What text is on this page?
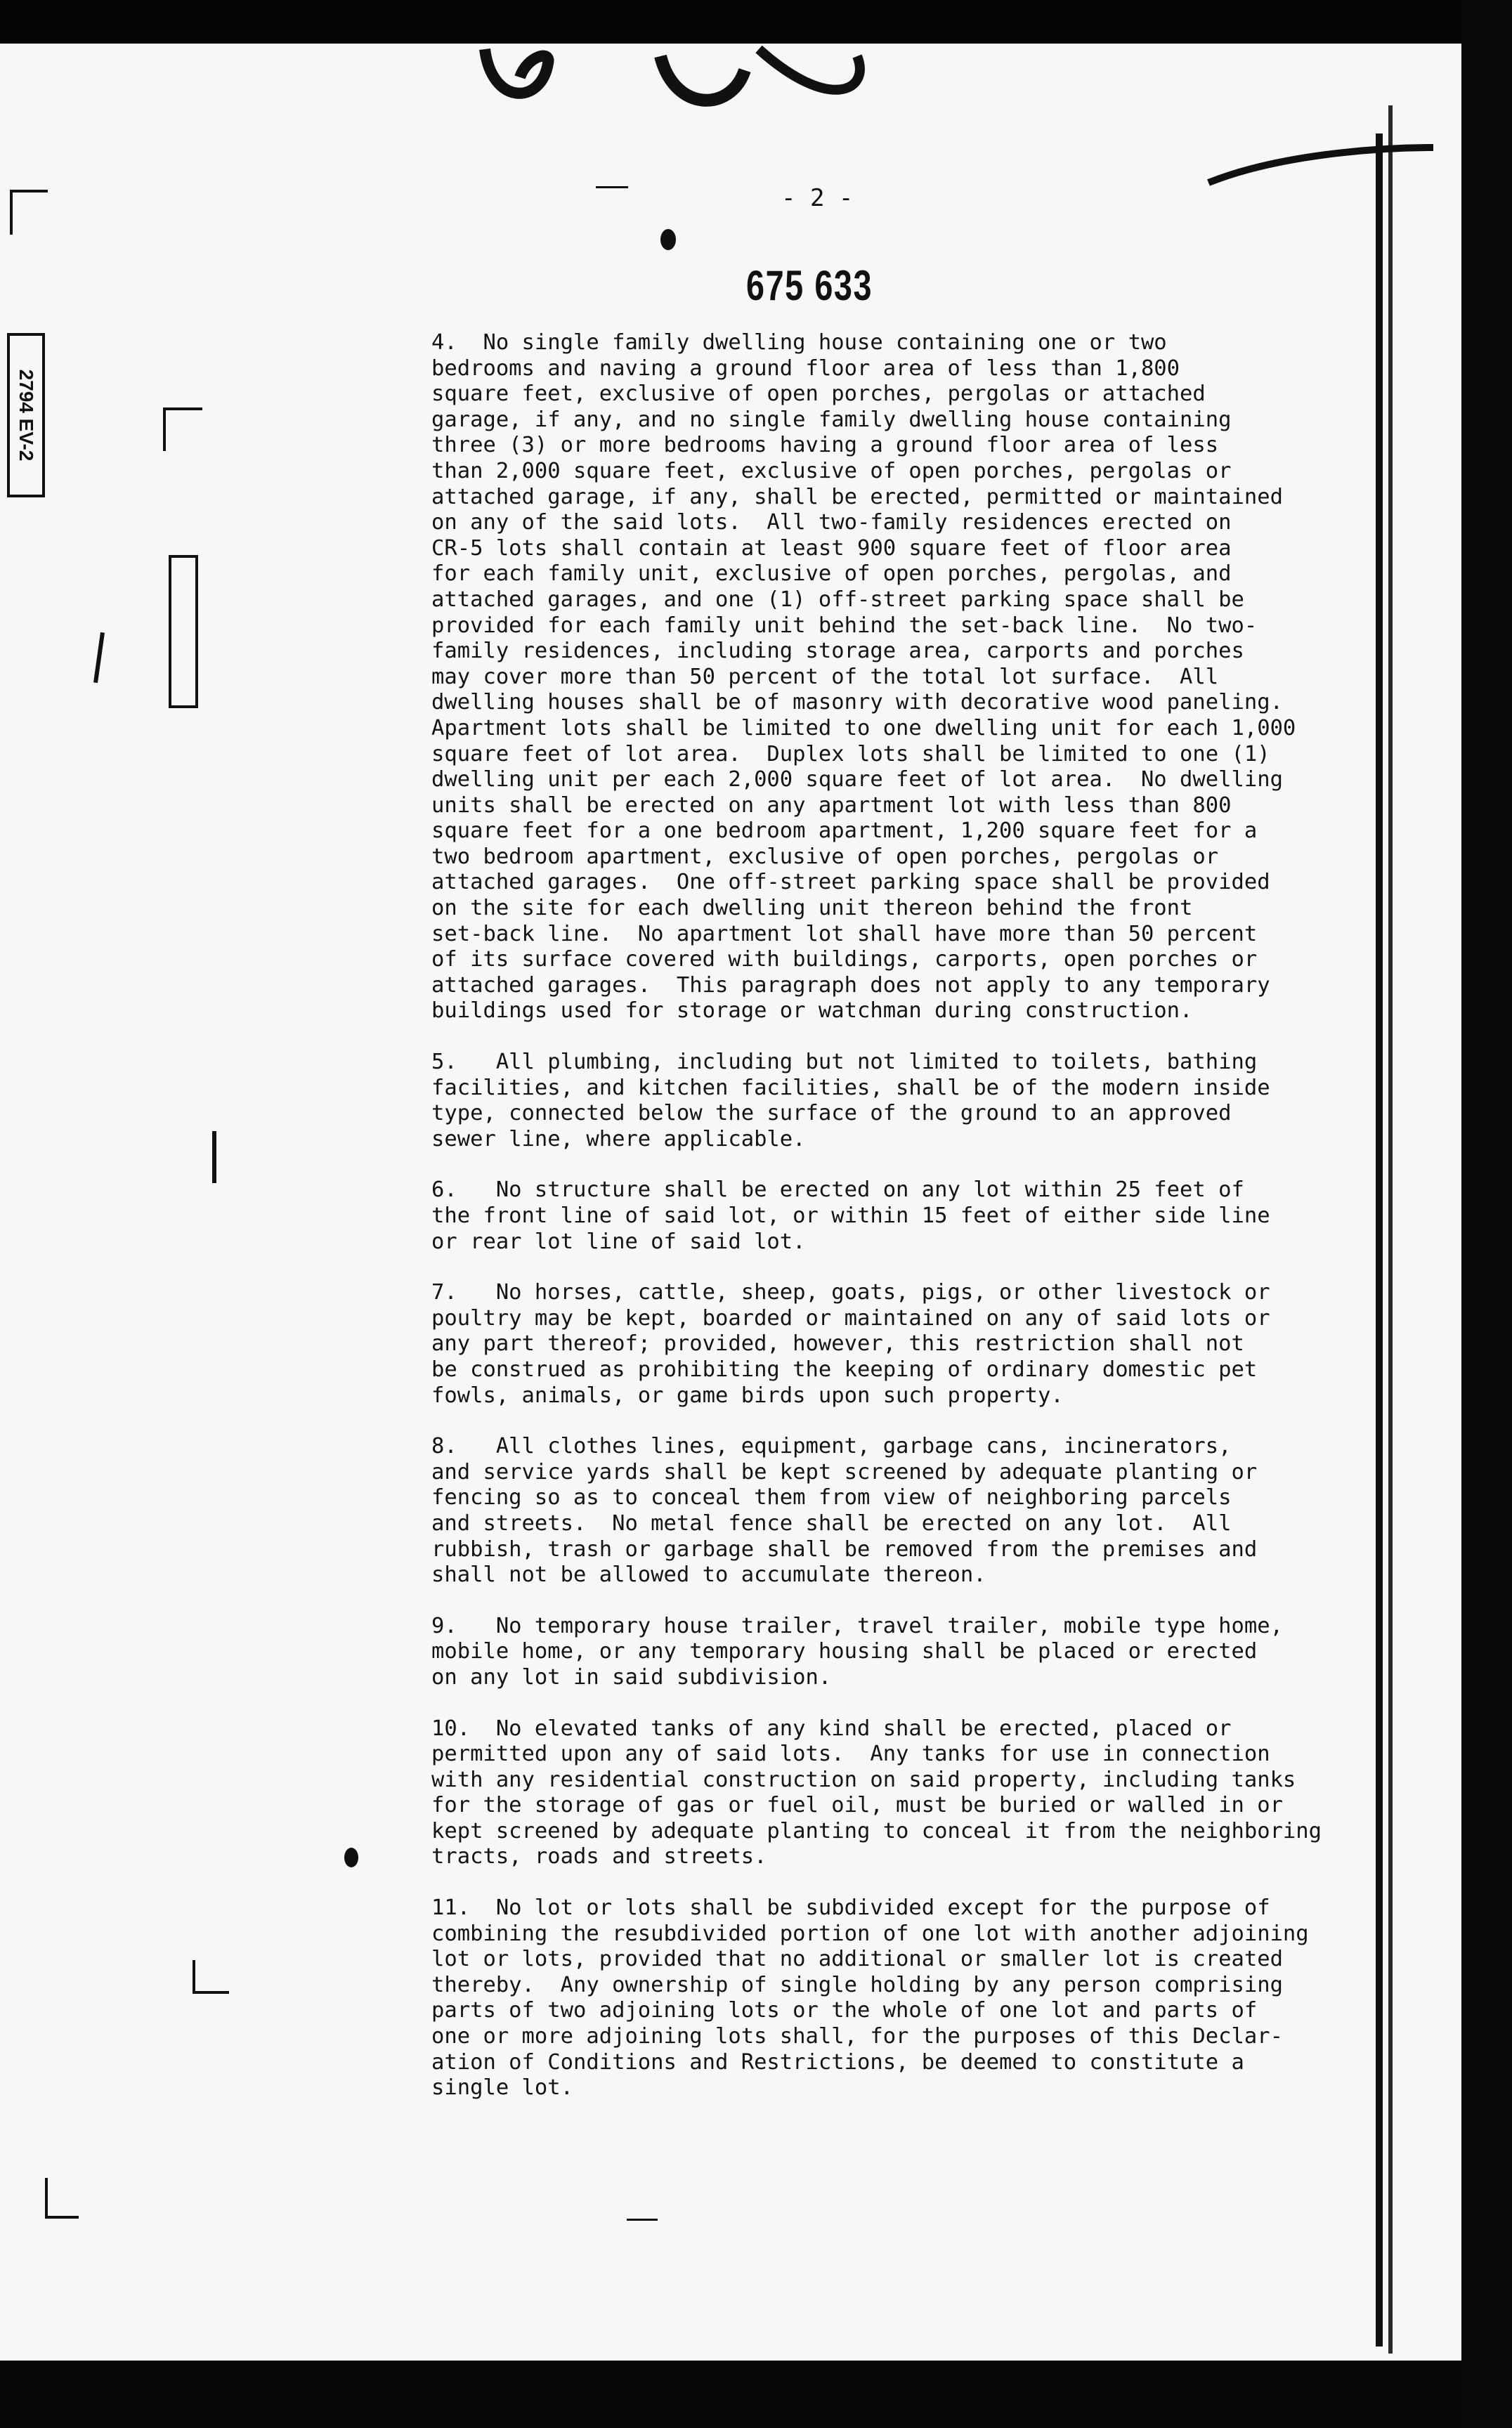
2794 EV-2
- 2 -
675 633
4.  No single family dwelling house containing one or two
bedrooms and naving a ground floor area of less than 1,800
square feet, exclusive of open porches, pergolas or attached
garage, if any, and no single family dwelling house containing
three (3) or more bedrooms having a ground floor area of less
than 2,000 square feet, exclusive of open porches, pergolas or
attached garage, if any, shall be erected, permitted or maintained
on any of the said lots.  All two-family residences erected on
CR-5 lots shall contain at least 900 square feet of floor area
for each family unit, exclusive of open porches, pergolas, and
attached garages, and one (1) off-street parking space shall be
provided for each family unit behind the set-back line.  No two-
family residences, including storage area, carports and porches
may cover more than 50 percent of the total lot surface.  All
dwelling houses shall be of masonry with decorative wood paneling.
Apartment lots shall be limited to one dwelling unit for each 1,000
square feet of lot area.  Duplex lots shall be limited to one (1)
dwelling unit per each 2,000 square feet of lot area.  No dwelling
units shall be erected on any apartment lot with less than 800
square feet for a one bedroom apartment, 1,200 square feet for a
two bedroom apartment, exclusive of open porches, pergolas or
attached garages.  One off-street parking space shall be provided
on the site for each dwelling unit thereon behind the front
set-back line.  No apartment lot shall have more than 50 percent
of its surface covered with buildings, carports, open porches or
attached garages.  This paragraph does not apply to any temporary
buildings used for storage or watchman during construction.
5.   All plumbing, including but not limited to toilets, bathing
facilities, and kitchen facilities, shall be of the modern inside
type, connected below the surface of the ground to an approved
sewer line, where applicable.
6.   No structure shall be erected on any lot within 25 feet of
the front line of said lot, or within 15 feet of either side line
or rear lot line of said lot.
7.   No horses, cattle, sheep, goats, pigs, or other livestock or
poultry may be kept, boarded or maintained on any of said lots or
any part thereof; provided, however, this restriction shall not
be construed as prohibiting the keeping of ordinary domestic pet
fowls, animals, or game birds upon such property.
8.   All clothes lines, equipment, garbage cans, incinerators,
and service yards shall be kept screened by adequate planting or
fencing so as to conceal them from view of neighboring parcels
and streets.  No metal fence shall be erected on any lot.  All
rubbish, trash or garbage shall be removed from the premises and
shall not be allowed to accumulate thereon.
9.   No temporary house trailer, travel trailer, mobile type home,
mobile home, or any temporary housing shall be placed or erected
on any lot in said subdivision.
10.  No elevated tanks of any kind shall be erected, placed or
permitted upon any of said lots.  Any tanks for use in connection
with any residential construction on said property, including tanks
for the storage of gas or fuel oil, must be buried or walled in or
kept screened by adequate planting to conceal it from the neighboring
tracts, roads and streets.
11.  No lot or lots shall be subdivided except for the purpose of
combining the resubdivided portion of one lot with another adjoining
lot or lots, provided that no additional or smaller lot is created
thereby.  Any ownership of single holding by any person comprising
parts of two adjoining lots or the whole of one lot and parts of
one or more adjoining lots shall, for the purposes of this Declar-
ation of Conditions and Restrictions, be deemed to constitute a
single lot.
